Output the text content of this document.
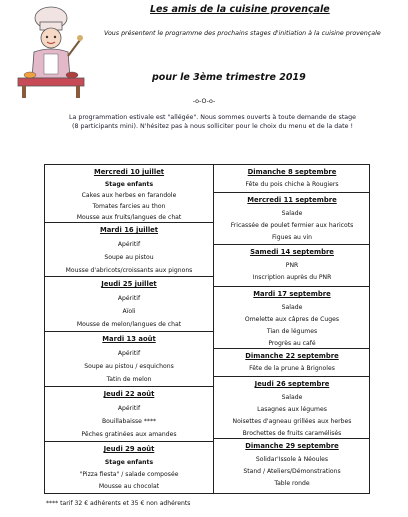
Les amis de la cuisine provençale
Vous présentent le programme des prochains stages d'initiation à la cuisine provençale
pour le 3ème trimestre 2019
-o-O-o-
La programmation estivale est "allégée". Nous sommes ouverts à toute demande de stage
(8 participants mini). N'hésitez pas à nous solliciter pour le choix du menu et de la date !
Mercredi 10 juillet
Stage enfants
Cakes aux herbes en farandole
Tomates farcies au thon
Mousse aux fruits/langues de chat
Mardi 16 juillet
Apéritif
Soupe au pistou
Mousse d'abricots/croissants aux pignons
Jeudi 25 juillet
Apéritif
Aïoli
Mousse de melon/langues de chat
Mardi 13 août
Apéritif
Soupe au pistou / esquichons
Tatin de melon
Jeudi 22 août
Apéritif
Bouillabaisse ****
Pêches gratinées aux amandes
Jeudi 29 août
Stage enfants
"Pizza fiesta" / salade composée
Mousse au chocolat
Dimanche 8 septembre
Fête du pois chiche à Rougiers
Mercredi 11 septembre
Salade
Fricassée de poulet fermier aux haricots
Figues au vin
Samedi 14 septembre
PNR
Inscription auprès du PNR
Mardi 17 septembre
Salade
Omelette aux câpres de Cuges
Tian de légumes
Progrès au café
Dimanche 22 septembre
Fête de la prune à Brignoles
Jeudi 26 septembre
Salade
Lasagnes aux légumes
Noisettes d'agneau grillées aux herbes
Brochettes de fruits caramélisés
Dimanche 29 septembre
Solidar'Issole à Néoules
Stand / Ateliers/Démonstrations
Table ronde
**** tarif 32 € adhérents et 35 € non adhérents
